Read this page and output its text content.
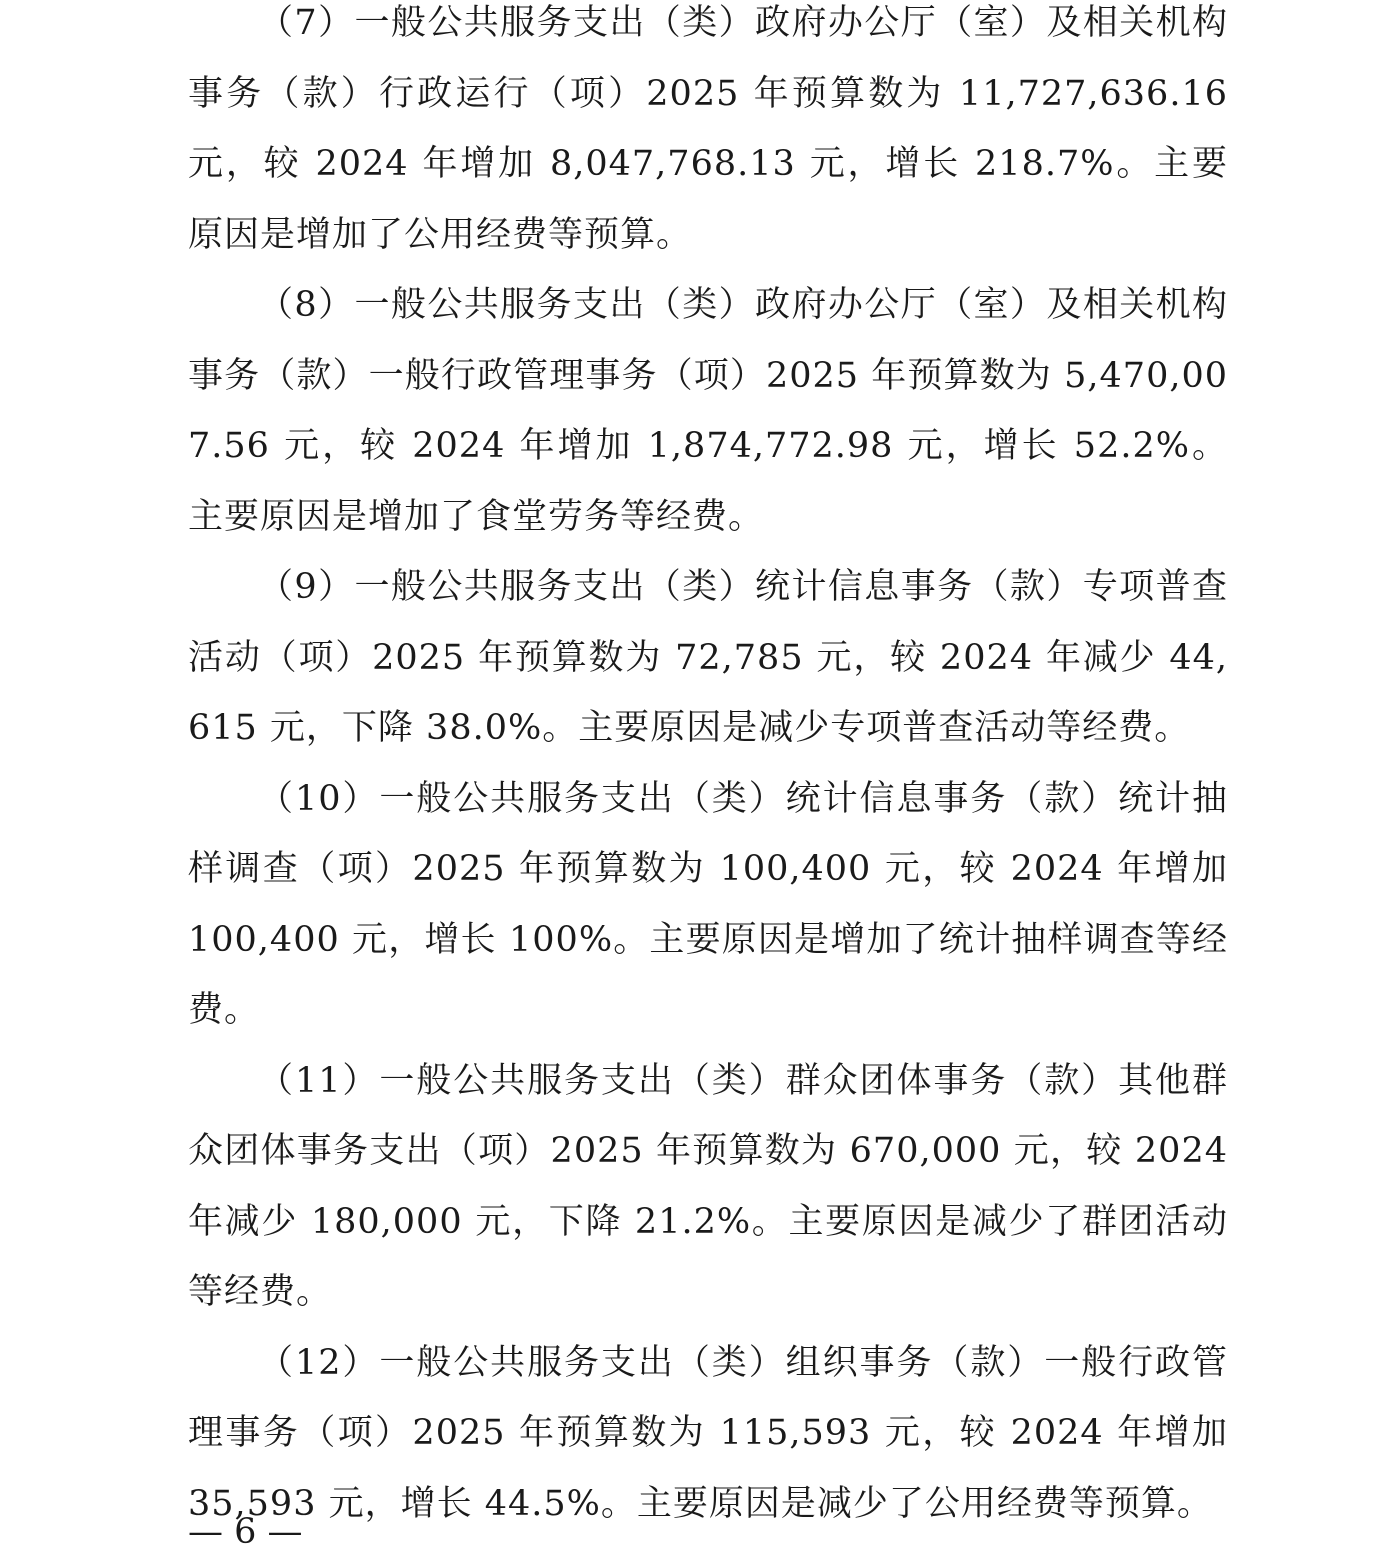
（7）一般公共服务支出（类）政府办公厅（室）及相关机构事务（款）行政运行（项）2025 年预算数为 11,727,636.16 元，较 2024 年增加 8,047,768.13 元，增长 218.7%。主要原因是增加了公用经费等预算。

（8）一般公共服务支出（类）政府办公厅（室）及相关机构事务（款）一般行政管理事务（项）2025 年预算数为 5,470,007.56 元，较 2024 年增加 1,874,772.98 元，增长 52.2%。主要原因是增加了食堂劳务等经费。

（9）一般公共服务支出（类）统计信息事务（款）专项普查活动（项）2025 年预算数为 72,785 元，较 2024 年减少 44,615 元，下降 38.0%。主要原因是减少专项普查活动等经费。

（10）一般公共服务支出（类）统计信息事务（款）统计抽样调查（项）2025 年预算数为 100,400 元，较 2024 年增加 100,400 元，增长 100%。主要原因是增加了统计抽样调查等经费。

（11）一般公共服务支出（类）群众团体事务（款）其他群众团体事务支出（项）2025 年预算数为 670,000 元，较 2024 年减少 180,000 元，下降 21.2%。主要原因是减少了群团活动等经费。

（12）一般公共服务支出（类）组织事务（款）一般行政管理事务（项）2025 年预算数为 115,593 元，较 2024 年增加 35,593 元，增长 44.5%。主要原因是减少了公用经费等预算。

— 6 —
